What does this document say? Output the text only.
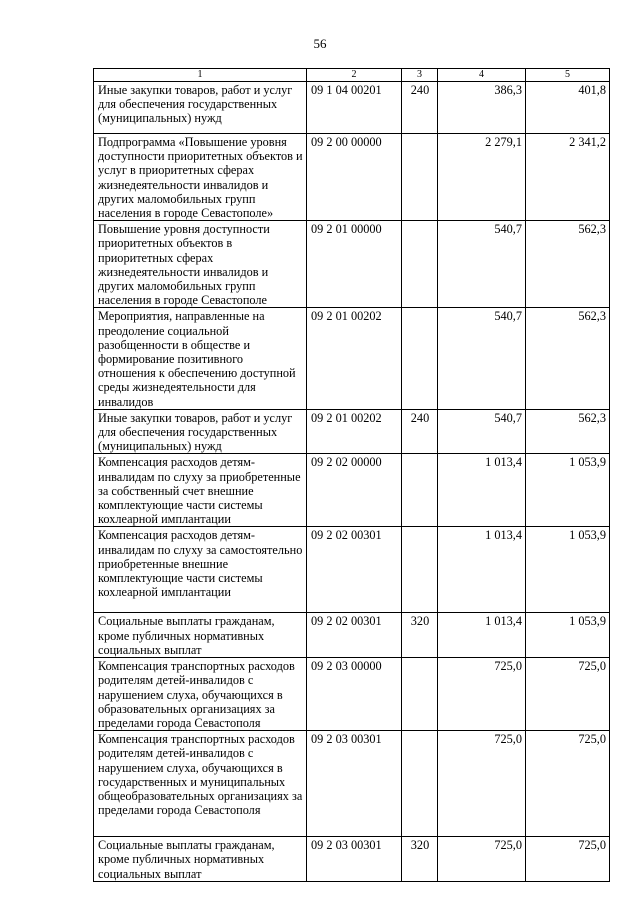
56
1	2	3	4	5
Иные закупки товаров, работ и услуг для обеспечения государственных (муниципальных) нужд	09 1 04 00201	240	386,3	401,8
Подпрограмма «Повышение уровня доступности приоритетных объектов и услуг в приоритетных сферах жизнедеятельности инвалидов и других маломобильных групп населения в городе Севастополе»	09 2 00 00000		2 279,1	2 341,2
Повышение уровня доступности приоритетных объектов в приоритетных сферах жизнедеятельности инвалидов и других маломобильных групп населения в городе Севастополе	09 2 01 00000		540,7	562,3
Мероприятия, направленные на преодоление социальной разобщенности в обществе и формирование позитивного отношения к обеспечению доступной среды жизнедеятельности для инвалидов	09 2 01 00202		540,7	562,3
Иные закупки товаров, работ и услуг для обеспечения государственных (муниципальных) нужд	09 2 01 00202	240	540,7	562,3
Компенсация расходов детям-инвалидам по слуху за приобретенные за собственный счет внешние комплектующие части системы кохлеарной имплантации	09 2 02 00000		1 013,4	1 053,9
Компенсация расходов детям-инвалидам по слуху за самостоятельно приобретенные внешние комплектующие части системы кохлеарной имплантации	09 2 02 00301		1 013,4	1 053,9
Социальные выплаты гражданам, кроме публичных нормативных социальных выплат	09 2 02 00301	320	1 013,4	1 053,9
Компенсация транспортных расходов родителям детей-инвалидов с нарушением слуха, обучающихся в образовательных организациях за пределами города Севастополя	09 2 03 00000		725,0	725,0
Компенсация транспортных расходов родителям детей-инвалидов с нарушением слуха, обучающихся в государственных и муниципальных общеобразовательных организациях за пределами города Севастополя	09 2 03 00301		725,0	725,0
Социальные выплаты гражданам, кроме публичных нормативных социальных выплат	09 2 03 00301	320	725,0	725,0
